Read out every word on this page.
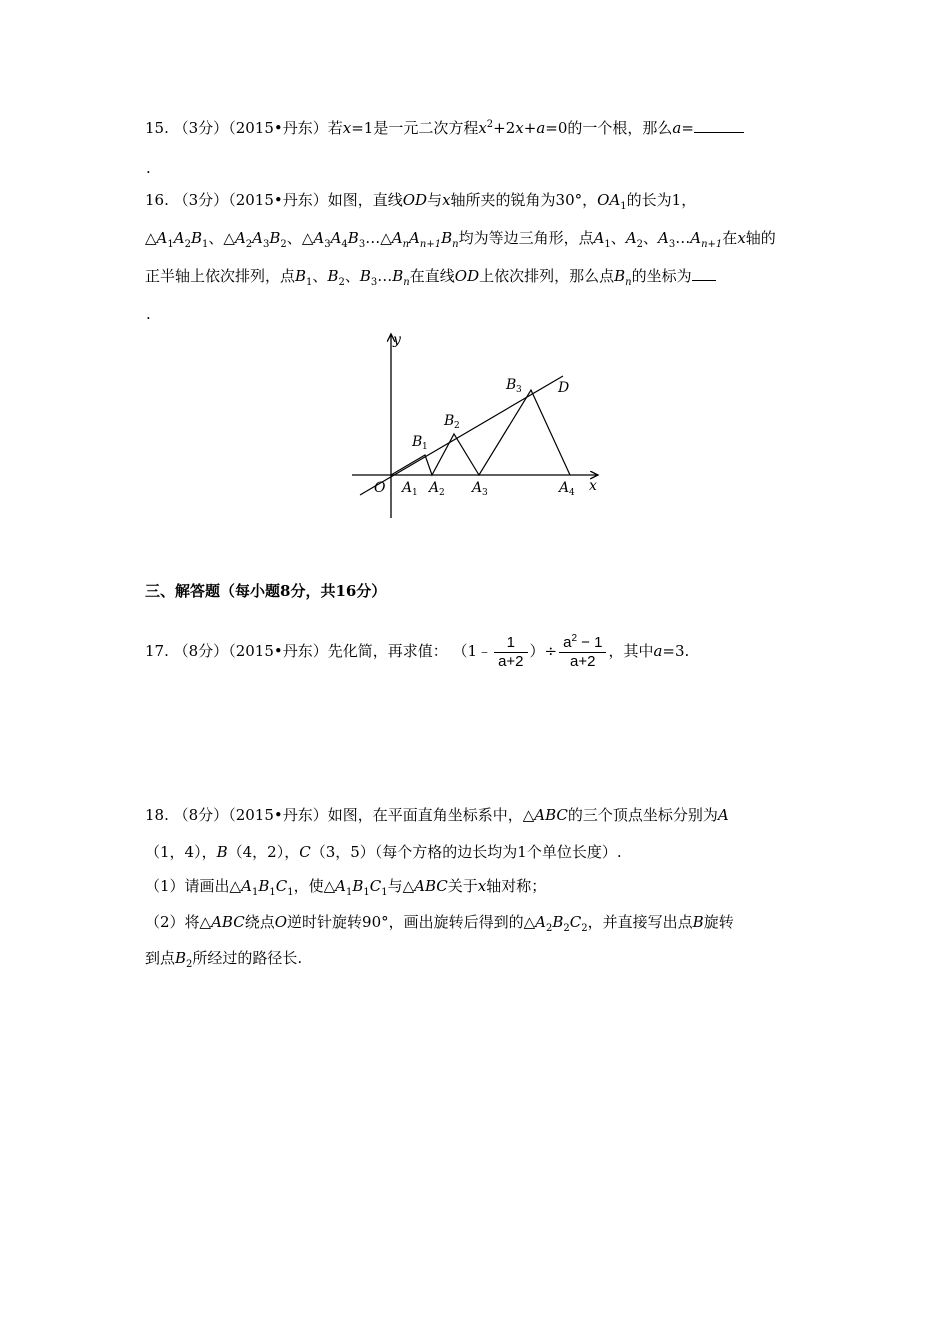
15. （3分）（2015•丹东）若x=1是一元二次方程$x^2+2x+a=0$的一个根，那么a=
.
16. （3分）（2015•丹东）如图，直线OD与x轴所夹的锐角为30°，$OA_1$的长为1，
$\triangle A_1A_2B_1$、$\triangle A_2A_3B_2$、$\triangle A_3A_4B_3\dots\triangle A_nA_{n+1}B_n$均为等边三角形，点$A_1$、$A_2$、$A_3\dots A_{n+1}$在x轴的
正半轴上依次排列，点$B_1$、$B_2$、$B_3\dots B_n$在直线OD上依次排列，那么点$B_n$的坐标为
.
y
x
O
D
A 1 A 2 A 3	A 4
B 1
B 2
B 3
三、解答题（每小题8分，共16分）
17. （8分）（2015•丹东）先化简，再求值： （1﹣ $\frac{1}{a+2}$ ）÷ $\frac{a^2 - 1}{a+2}$ ，其中a=3.
18. （8分）（2015•丹东）如图，在平面直角坐标系中，△ABC的三个顶点坐标分别为A
（1，4），B（4，2），C（3，5）（每个方格的边长均为1个单位长度）.
（1）请画出$\triangle A_1B_1C_1$，使$\triangle A_1B_1C_1$与△ABC关于x轴对称；
（2）将△ABC绕点O逆时针旋转90°，画出旋转后得到的$\triangle A_2B_2C_2$，并直接写出点B旋转
到点$B_2$所经过的路径长.
